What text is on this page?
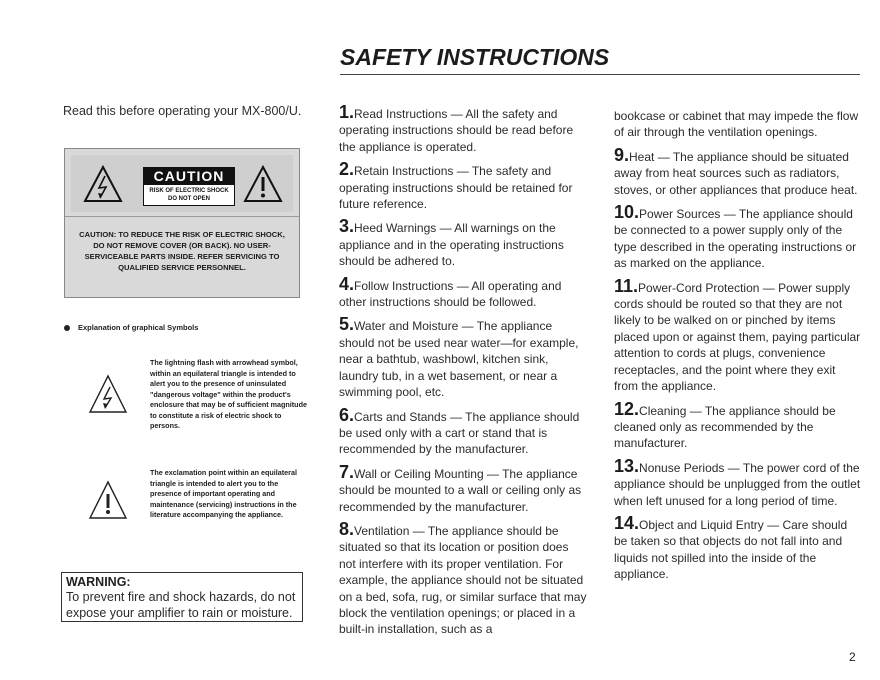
SAFETY INSTRUCTIONS
Read this before operating your MX-800/U.
CAUTION
RISK OF ELECTRIC SHOCK
DO NOT OPEN
CAUTION: TO REDUCE THE RISK OF ELECTRIC SHOCK, DO NOT REMOVE COVER (OR BACK). NO USER-SERVICEABLE PARTS INSIDE. REFER SERVICING TO QUALIFIED SERVICE PERSONNEL.
Explanation of graphical Symbols
The lightning flash with arrowhead symbol, within an equilateral triangle is intended to alert you to the presence of uninsulated "dangerous voltage" within the product's enclosure that may be of sufficient magnitude to constitute a risk of electric shock to persons.
The exclamation point within an equilateral triangle is intended to alert you to the presence of important operating and maintenance (servicing) instructions in the literature accompanying the appliance.
WARNING:
To prevent fire and shock hazards, do not expose your amplifier to rain or moisture.

1.Read Instructions — All the safety and operating instructions should be read before the appliance is operated.

2.Retain Instructions — The safety and operating instructions should be retained for future reference.

3.Heed Warnings — All warnings on the appliance and in the operating instructions should be adhered to.

4.Follow Instructions — All operating and other instructions should be followed.

5.Water and Moisture — The appliance should not be used near water—for example, near a bathtub, washbowl, kitchen sink, laundry tub, in a wet basement, or near a swimming pool, etc.

6.Carts and Stands — The appliance should be used only with a cart or stand that is recommended by the manufacturer.

7.Wall or Ceiling Mounting — The appliance should be mounted to a wall or ceiling only as recommended by the manufacturer.

8.Ventilation — The appliance should be situated so that its location or position does not interfere with its proper ventilation. For example, the appliance should not be situated on a bed, sofa, rug, or similar surface that may block the ventilation openings; or placed in a built-in installation, such as a

bookcase or cabinet that may impede the flow of air through the ventilation openings.

9.Heat — The appliance should be situated away from heat sources such as radiators, stoves, or other appliances that produce heat.

10.Power Sources — The appliance should be connected to a power supply only of the type described in the operating instructions or as marked on the appliance.

11.Power-Cord Protection — Power supply cords should be routed so that they are not likely to be walked on or pinched by items placed upon or against them, paying particular attention to cords at plugs, convenience receptacles, and the point where they exit from the appliance.

12.Cleaning — The appliance should be cleaned only as recommended by the manufacturer.

13.Nonuse Periods — The power cord of the appliance should be unplugged from the outlet when left unused for a long period of time.

14.Object and Liquid Entry — Care should be taken so that objects do not fall into and liquids not spilled into the inside of the appliance.

2
